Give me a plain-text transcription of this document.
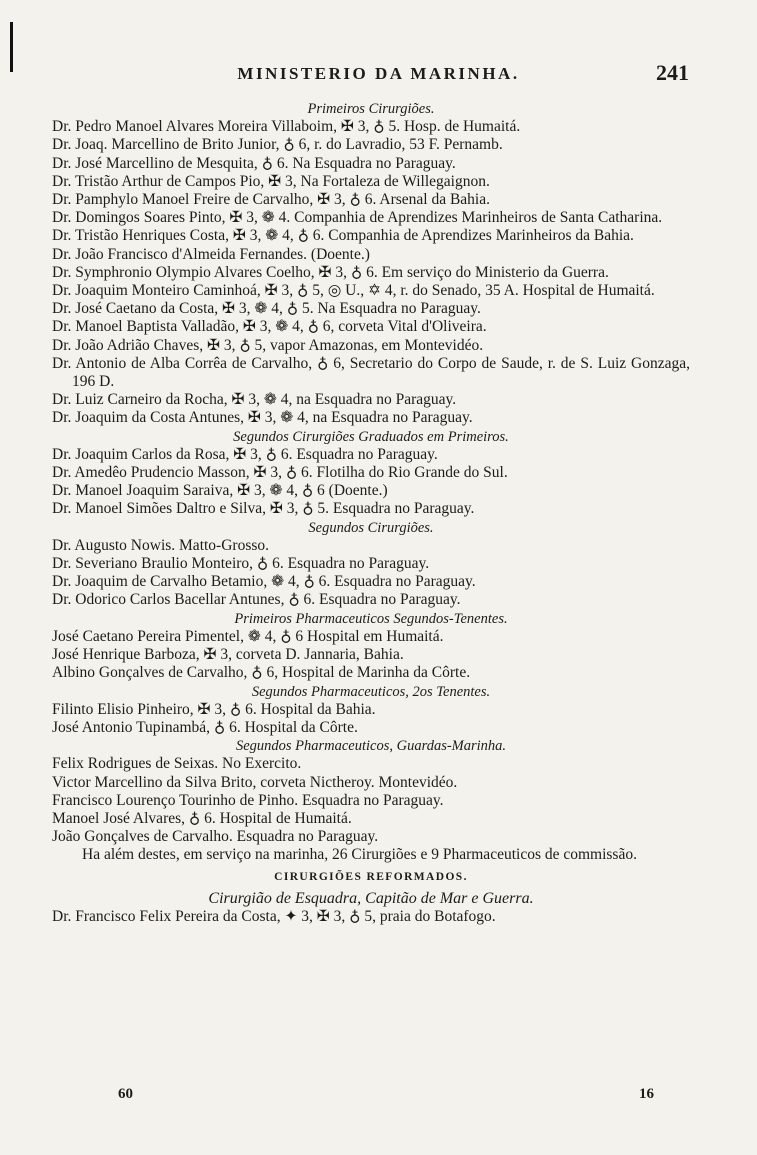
MINISTERIO DA MARINHA.	241
Primeiros Cirurgiões.
Dr. Pedro Manoel Alvares Moreira Villaboim, ✠ 3, ♁ 5. Hosp. de Humaitá.
Dr. Joaq. Marcellino de Brito Junior, ♁ 6, r. do Lavradio, 53 F. Pernamb.
Dr. José Marcellino de Mesquita, ♁ 6. Na Esquadra no Paraguay.
Dr. Tristão Arthur de Campos Pio, ✠ 3, Na Fortaleza de Willegaignon.
Dr. Pamphylo Manoel Freire de Carvalho, ✠ 3, ♁ 6. Arsenal da Bahia.
Dr. Domingos Soares Pinto, ✠ 3, ❁ 4. Companhia de Aprendizes Marinheiros de Santa Catharina.
Dr. Tristão Henriques Costa, ✠ 3, ❁ 4, ♁ 6. Companhia de Aprendizes Marinheiros da Bahia.
Dr. João Francisco d'Almeida Fernandes. (Doente.)
Dr. Symphronio Olympio Alvares Coelho, ✠ 3, ♁ 6. Em serviço do Ministerio da Guerra.
Dr. Joaquim Monteiro Caminhoá, ✠ 3, ♁ 5, ◎ U., ✡ 4, r. do Senado, 35 A. Hospital de Humaitá.
Dr. José Caetano da Costa, ✠ 3, ❁ 4, ♁ 5. Na Esquadra no Paraguay.
Dr. Manoel Baptista Valladão, ✠ 3, ❁ 4, ♁ 6, corveta Vital d'Oliveira.
Dr. João Adrião Chaves, ✠ 3, ♁ 5, vapor Amazonas, em Montevidéo.
Dr. Antonio de Alba Corrêa de Carvalho, ♁ 6, Secretario do Corpo de Saude, r. de S. Luiz Gonzaga, 196 D.
Dr. Luiz Carneiro da Rocha, ✠ 3, ❁ 4, na Esquadra no Paraguay.
Dr. Joaquim da Costa Antunes, ✠ 3, ❁ 4, na Esquadra no Paraguay.
Segundos Cirurgiões Graduados em Primeiros.
Dr. Joaquim Carlos da Rosa, ✠ 3, ♁ 6. Esquadra no Paraguay.
Dr. Amedêo Prudencio Masson, ✠ 3, ♁ 6. Flotilha do Rio Grande do Sul.
Dr. Manoel Joaquim Saraiva, ✠ 3, ❁ 4, ♁ 6 (Doente.)
Dr. Manoel Simões Daltro e Silva, ✠ 3, ♁ 5. Esquadra no Paraguay.
Segundos Cirurgiões.
Dr. Augusto Nowis. Matto-Grosso.
Dr. Severiano Braulio Monteiro, ♁ 6. Esquadra no Paraguay.
Dr. Joaquim de Carvalho Betamio, ❁ 4, ♁ 6. Esquadra no Paraguay.
Dr. Odorico Carlos Bacellar Antunes, ♁ 6. Esquadra no Paraguay.
Primeiros Pharmaceuticos Segundos-Tenentes.
José Caetano Pereira Pimentel, ❁ 4, ♁ 6 Hospital em Humaitá.
José Henrique Barboza, ✠ 3, corveta D. Jannaria, Bahia.
Albino Gonçalves de Carvalho, ♁ 6, Hospital de Marinha da Côrte.
Segundos Pharmaceuticos, 2os Tenentes.
Filinto Elisio Pinheiro, ✠ 3, ♁ 6. Hospital da Bahia.
José Antonio Tupinambá, ♁ 6. Hospital da Côrte.
Segundos Pharmaceuticos, Guardas-Marinha.
Felix Rodrigues de Seixas. No Exercito.
Victor Marcellino da Silva Brito, corveta Nictheroy. Montevidéo.
Francisco Lourenço Tourinho de Pinho. Esquadra no Paraguay.
Manoel José Alvares, ♁ 6. Hospital de Humaitá.
João Gonçalves de Carvalho. Esquadra no Paraguay.
Ha além destes, em serviço na marinha, 26 Cirurgiões e 9 Pharmaceuticos de commissão.
CIRURGIÕES REFORMADOS.
Cirurgião de Esquadra, Capitão de Mar e Guerra.
Dr. Francisco Felix Pereira da Costa, ✦ 3, ✠ 3, ♁ 5, praia do Botafogo.
60	16
